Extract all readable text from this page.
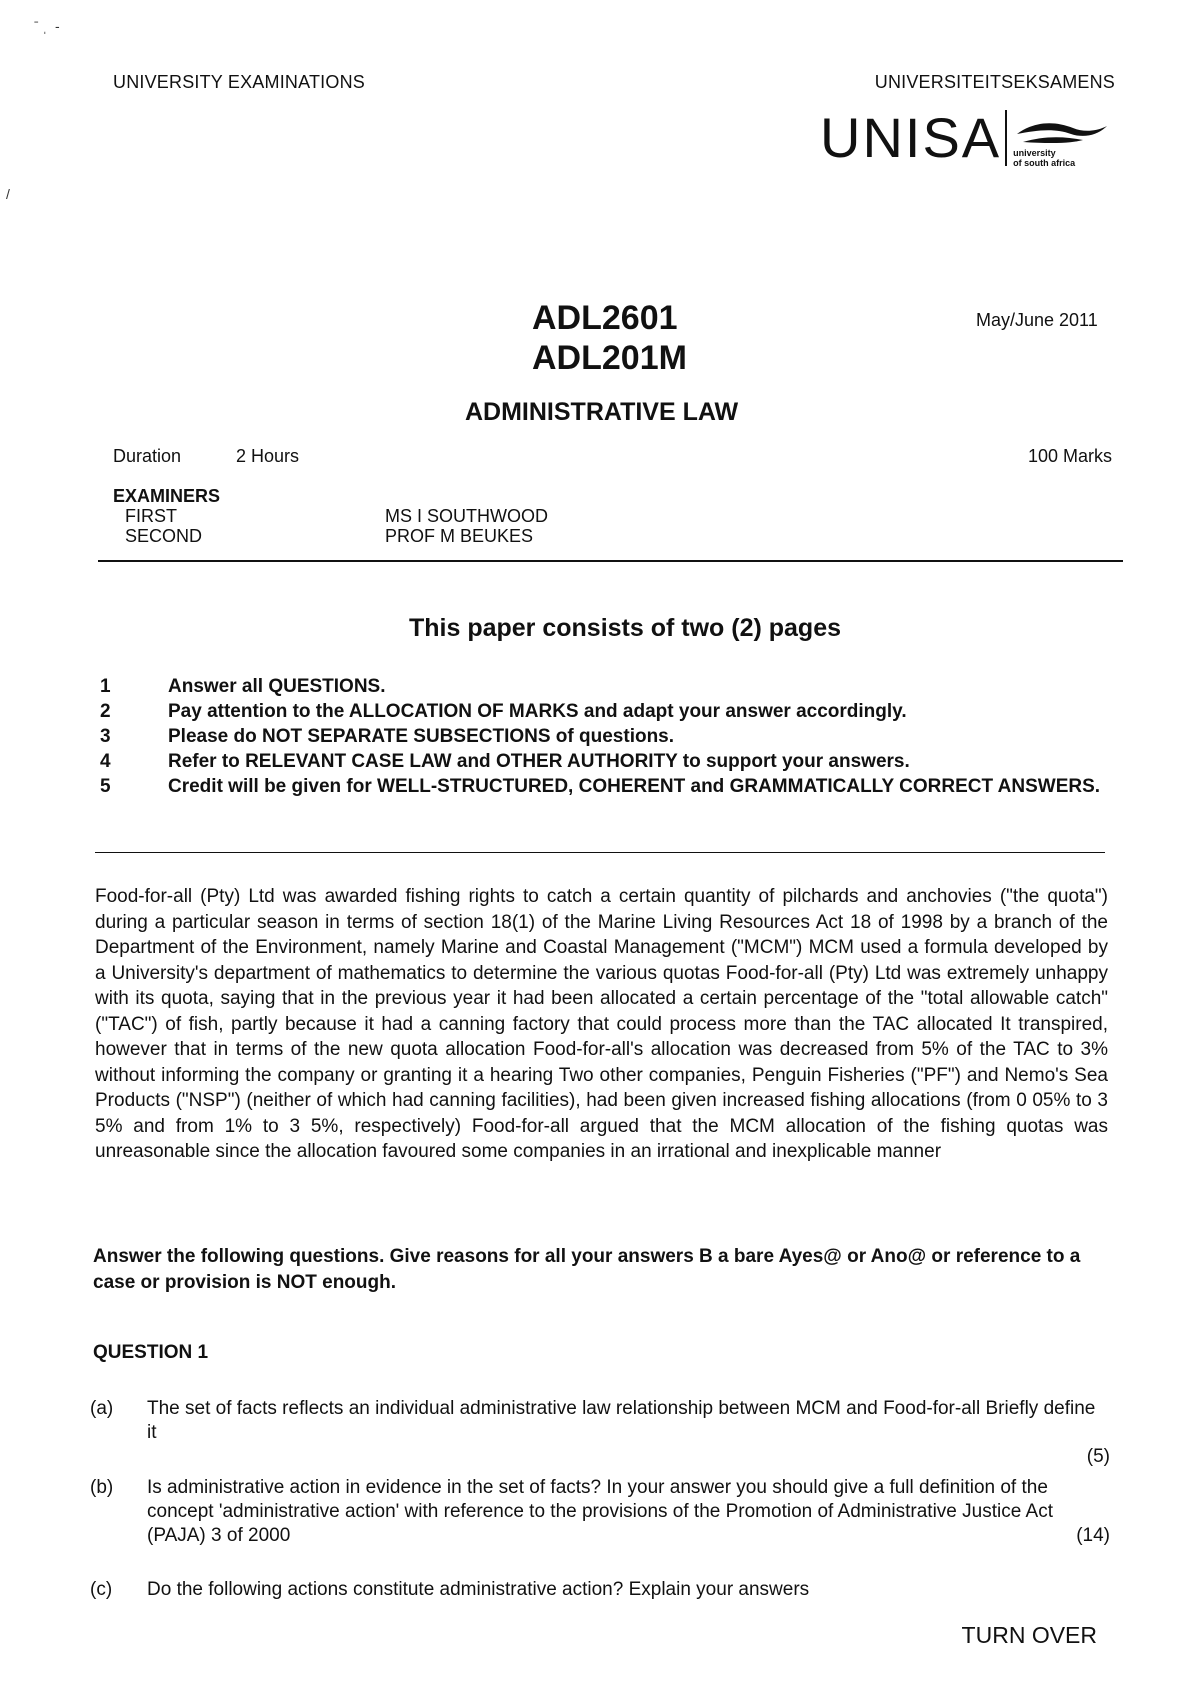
ˉ ˌ  -
/
UNIVERSITY EXAMINATIONS	UNIVERSITEITSEKSAMENS
UNISA university
of south africa
ADL2601
ADL201M
May/June 2011
ADMINISTRATIVE LAW
Duration	2 Hours	100 Marks
EXAMINERS
FIRST	MS I SOUTHWOOD
SECOND	PROF M BEUKES
This paper consists of two (2) pages
1	Answer all QUESTIONS.
2	Pay attention to the ALLOCATION OF MARKS and adapt your answer accordingly.
3	Please do NOT SEPARATE SUBSECTIONS of questions.
4	Refer to RELEVANT CASE LAW and OTHER AUTHORITY to support your answers.
5	Credit will be given for WELL-STRUCTURED, COHERENT and GRAMMATICALLY CORRECT ANSWERS.
Food-for-all (Pty) Ltd was awarded fishing rights to catch a certain quantity of pilchards and anchovies ("the quota") during a particular season in terms of section 18(1) of the Marine Living Resources Act 18 of 1998 by a branch of the Department of the Environment, namely Marine and Coastal Management ("MCM") MCM used a formula developed by a University's department of mathematics to determine the various quotas Food-for-all (Pty) Ltd was extremely unhappy with its quota, saying that in the previous year it had been allocated a certain percentage of the "total allowable catch" ("TAC") of fish, partly because it had a canning factory that could process more than the TAC allocated It transpired, however that in terms of the new quota allocation Food-for-all's allocation was decreased from 5% of the TAC to 3% without informing the company or granting it a hearing Two other companies, Penguin Fisheries ("PF") and Nemo's Sea Products ("NSP") (neither of which had canning facilities), had been given increased fishing allocations (from 0 05% to 3 5% and from 1% to 3 5%, respectively) Food-for-all argued that the MCM allocation of the fishing quotas was unreasonable since the allocation favoured some companies in an irrational and inexplicable manner
Answer the following questions. Give reasons for all your answers B a bare Ayes@ or Ano@ or reference to a case or provision is NOT enough.
QUESTION 1
(a)	The set of facts reflects an individual administrative law relationship between MCM and Food-for-all Briefly define it
(5)
(b)	Is administrative action in evidence in the set of facts? In your answer you should give a full definition of the concept 'administrative action' with reference to the provisions of the Promotion of Administrative Justice Act (PAJA) 3 of 2000	(14)
(c)	Do the following actions constitute administrative action? Explain your answers
TURN OVER
